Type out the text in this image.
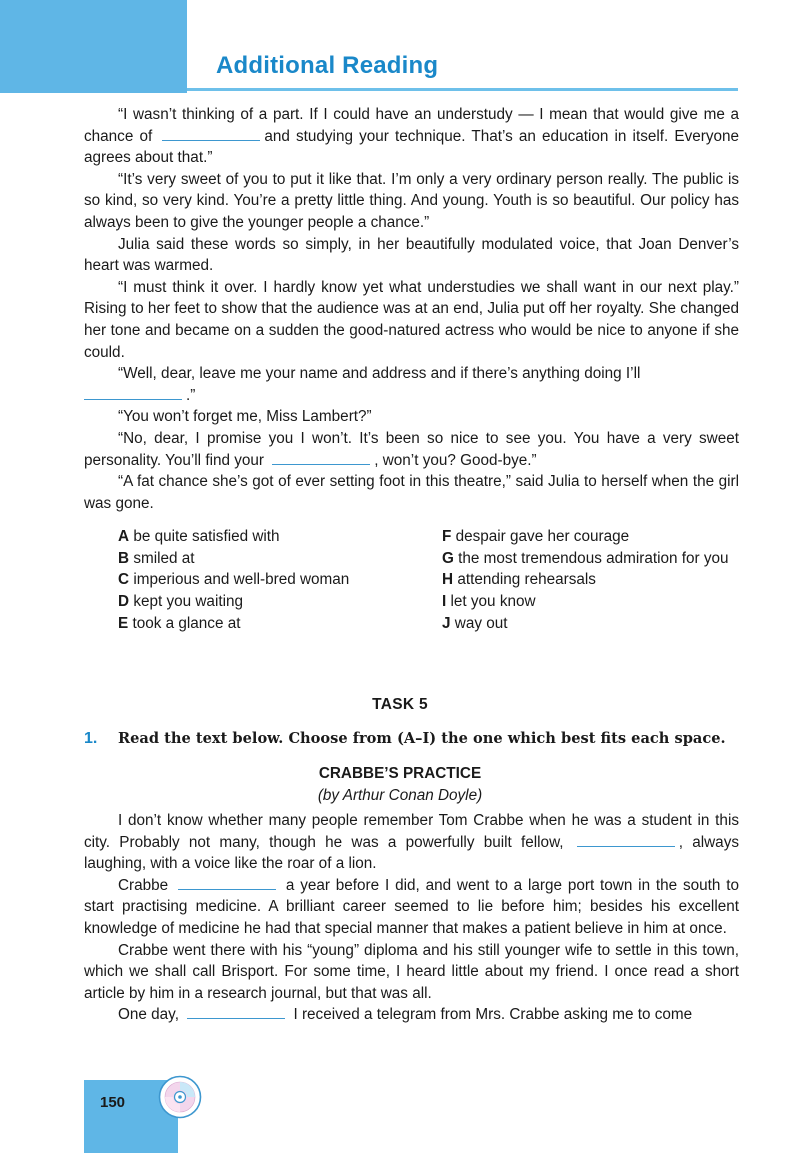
Additional Reading

“I wasn’t thinking of a part. If I could have an understudy — I mean that would give me a chance of	and studying your technique. That’s an education in itself. Everyone agrees about that.”

“It’s very sweet of you to put it like that. I’m only a very ordinary person really. The public is so kind, so very kind. You’re a pretty little thing. And young. Youth is so beautiful. Our policy has always been to give the younger people a chance.”

Julia said these words so simply, in her beautifully modulated voice, that Joan Denver’s heart was warmed.

“I must think it over. I hardly know yet what understudies we shall want in our next play.” Rising to her feet to show that the audience was at an end, Julia put off her royalty. She changed her tone and became on a sudden the good-natured actress who would be nice to anyone if she could.

“Well, dear, leave me your name and address and if there’s anything doing I’ll
.”

“You won’t forget me, Miss Lambert?”

“No, dear, I promise you I won’t. It’s been so nice to see you. You have a very sweet personality. You’ll find your	, won’t you? Good-bye.”

“A fat chance she’s got of ever setting foot in this theatre,” said Julia to herself when the girl was gone.

A be quite satisfied with	F despair gave her courage
B smiled at	G the most tremendous admiration for you
C imperious and well-bred woman	H attending rehearsals
D kept you waiting	I let you know
E took a glance at	J way out
TASK 5
1. Read the text below. Choose from (A–I) the one which best fits each space.
CRABBE’S PRACTICE
(by Arthur Conan Doyle)

I don’t know whether many people remember Tom Crabbe when he was a student in this city. Probably not many, though he was a powerfully built fellow,	, always laughing, with a voice like the roar of a lion.

Crabbe	a year before I did, and went to a large port town in the south to start practising medicine. A brilliant career seemed to lie before him; besides his excellent knowledge of medicine he had that special manner that makes a patient believe in him at once.

Crabbe went there with his “young” diploma and his still younger wife to settle in this town, which we shall call Brisport. For some time, I heard little about my friend. I once read a short article by him in a research journal, but that was all.

One day,	I received a telegram from Mrs. Crabbe asking me to come

150
